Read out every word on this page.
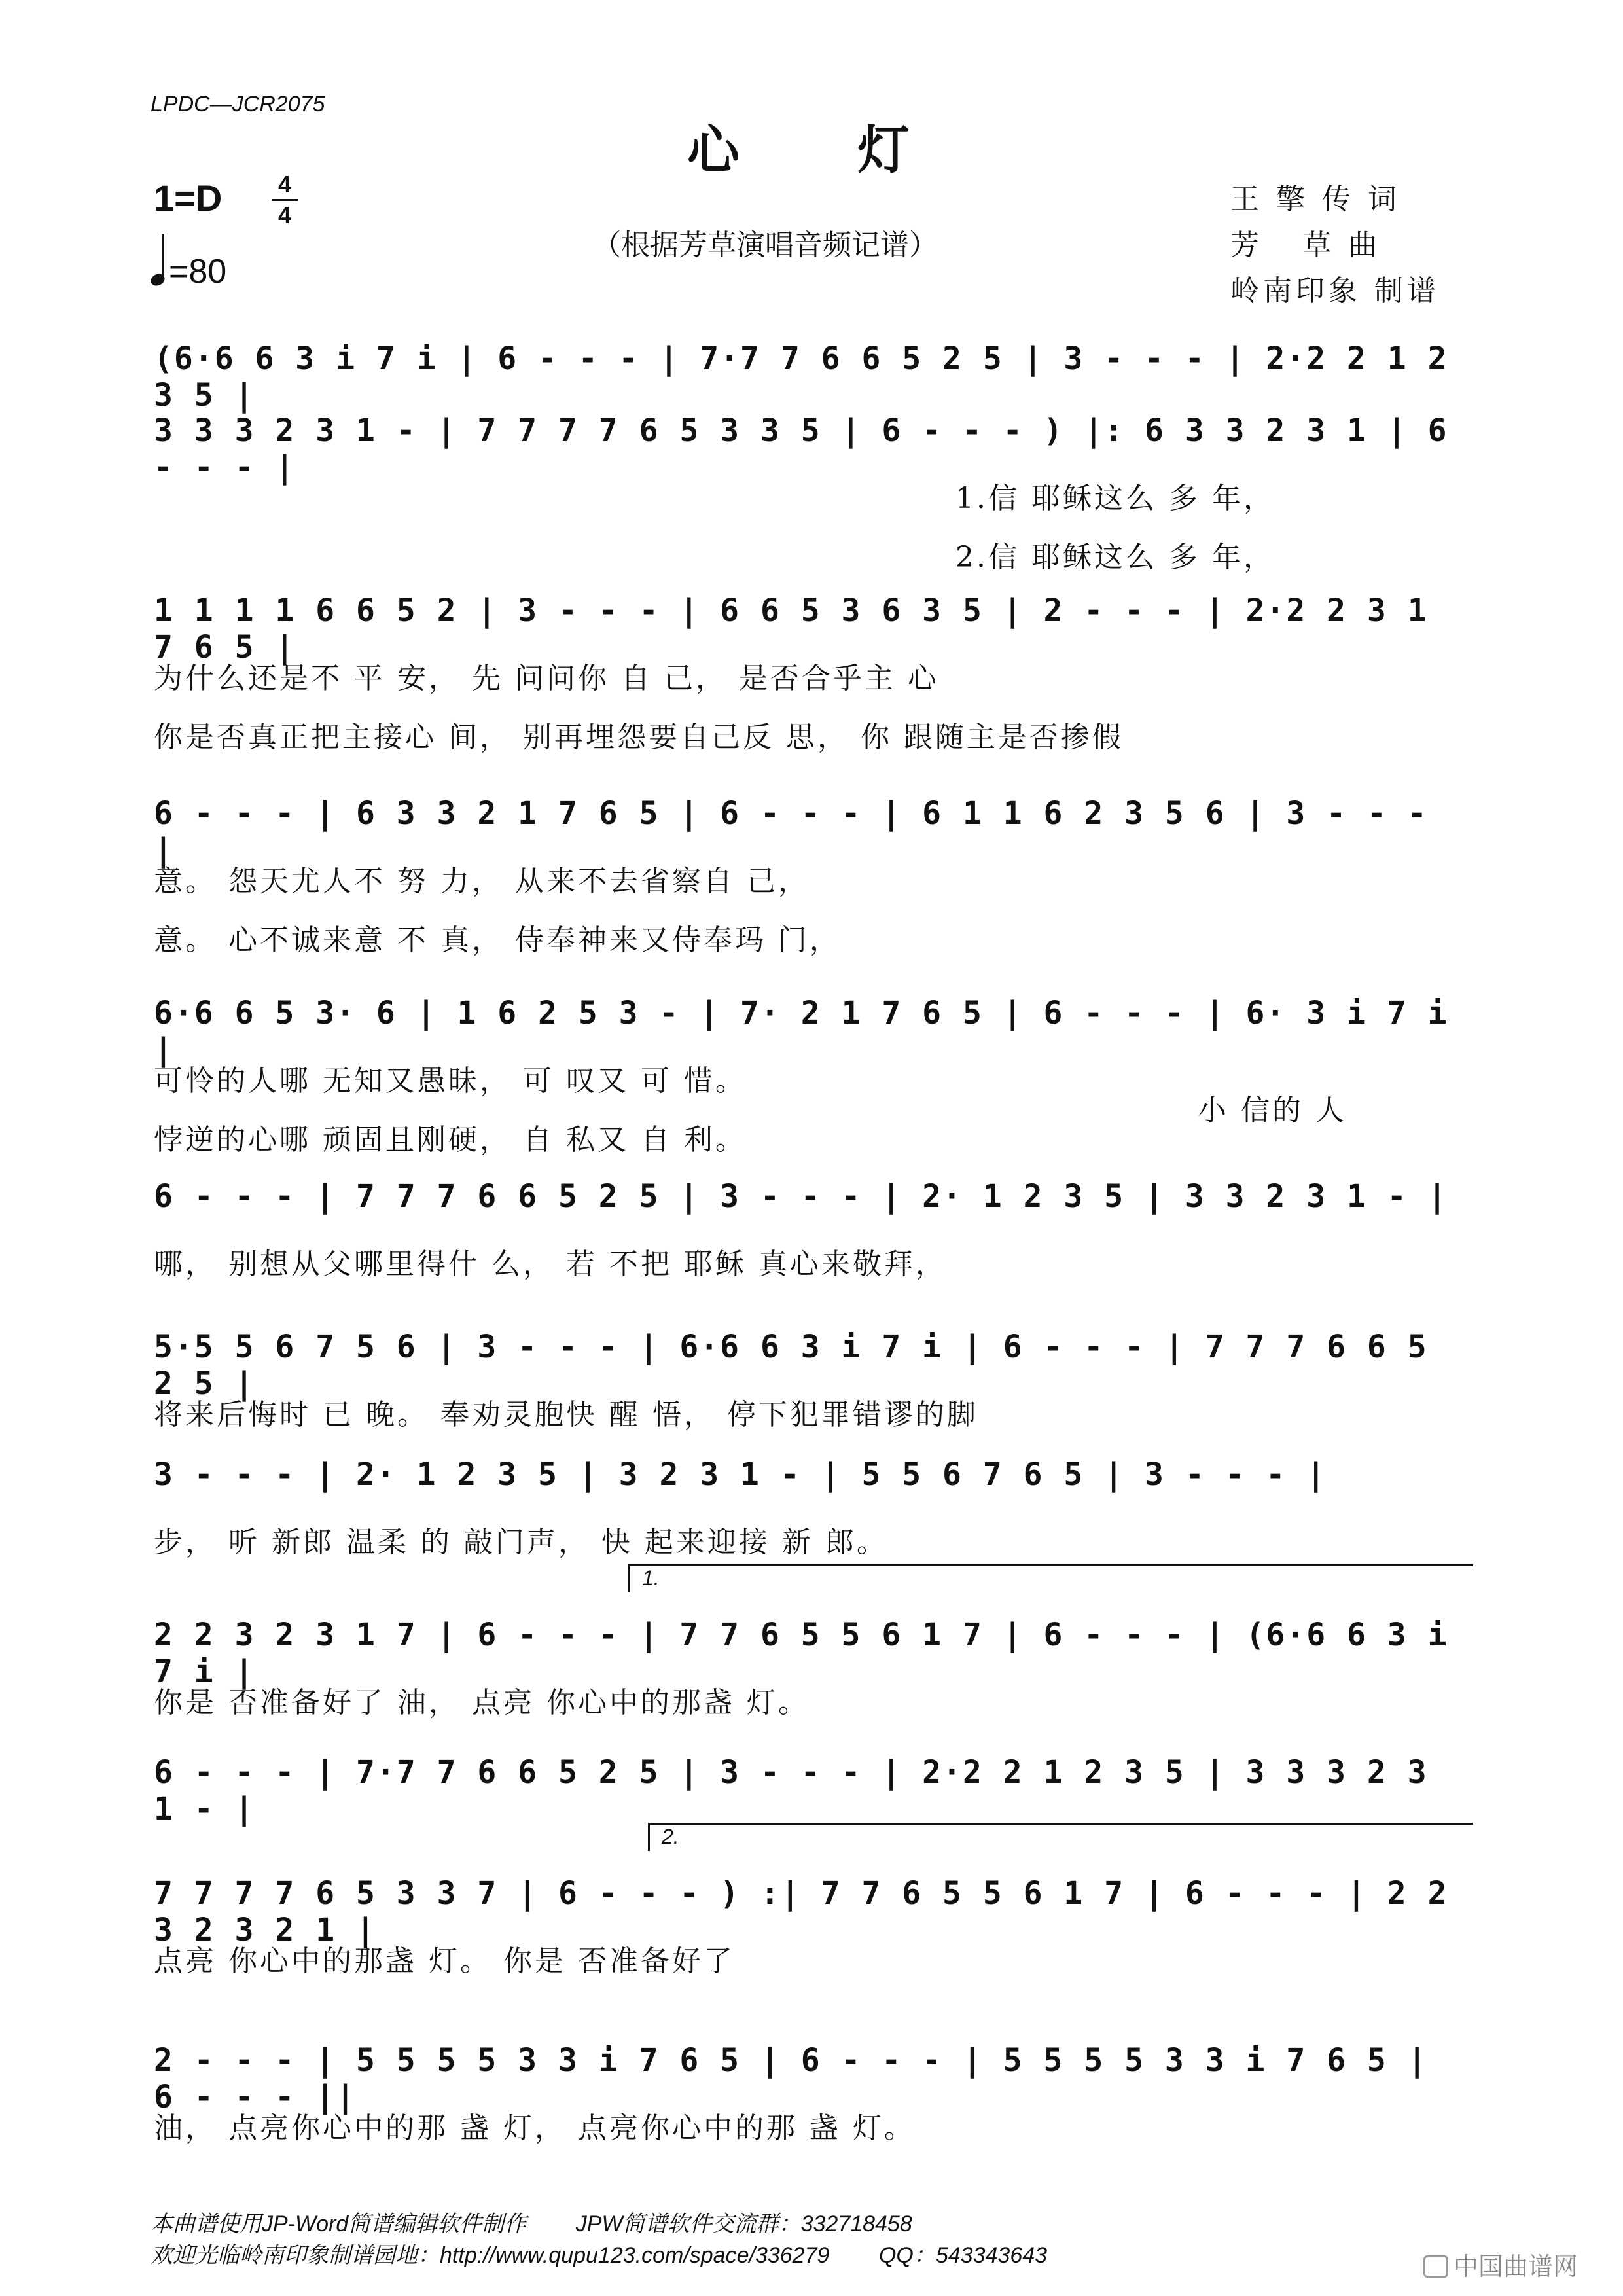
LPDC—JCR2075
心灯
1=D 4
4
=80
（根据芳草演唱音频记谱）
王 擎 传 词
芳   草 曲
岭南印象 制谱
(6·6 6 3 i 7 i | 6 - - - | 7·7 7 6 6 5 2 5 | 3 - - - | 2·2 2 1 2 3 5 |
3 3 3 2 3 1 - | 7 7 7 7 6 5 3 3 5 | 6 - - - ) |: 6 3 3 2 3 1 | 6 - - - |
1.信 耶稣这么 多 年，
2.信 耶稣这么 多 年，
1 1 1 1 6 6 5 2 | 3 - - - | 6 6 5 3 6 3 5 | 2 - - - | 2·2 2 3 1 7 6 5 |
为什么还是不 平 安， 先 问问你 自 己， 是否合乎主 心
你是否真正把主接心 间， 别再埋怨要自己反 思， 你 跟随主是否掺假
6 - - - | 6 3 3 2 1 7 6 5 | 6 - - - | 6 1 1 6 2 3 5 6 | 3 - - - |
意。 怨天尤人不 努 力， 从来不去省察自 己，
意。 心不诚来意 不 真， 侍奉神来又侍奉玛 门，
6·6 6 5 3· 6 | 1 6 2 5 3 - | 7· 2 1 7 6 5 | 6 - - - | 6· 3 i 7 i |
可怜的人哪 无知又愚昧， 可 叹又 可 惜。
悖逆的心哪 顽固且刚硬， 自 私又 自 利。
小 信的 人
6 - - - | 7 7 7 6 6 5 2 5 | 3 - - - | 2· 1 2 3 5 | 3 3 2 3 1 - |
哪， 别想从父哪里得什 么， 若 不把 耶稣 真心来敬拜，
5·5 5 6 7 5 6 | 3 - - - | 6·6 6 3 i 7 i | 6 - - - | 7 7 7 6 6 5 2 5 |
将来后悔时 已 晚。 奉劝灵胞快 醒 悟， 停下犯罪错谬的脚
3 - - - | 2· 1 2 3 5 | 3 2 3 1 - | 5 5 6 7 6 5 | 3 - - - |
步， 听 新郎 温柔 的 敲门声， 快 起来迎接 新 郎。
1.
2 2 3 2 3 1 7 | 6 - - - | 7 7 6 5 5 6 1 7 | 6 - - - | (6·6 6 3 i 7 i |
你是 否准备好了 油， 点亮 你心中的那盏 灯。
6 - - - | 7·7 7 6 6 5 2 5 | 3 - - - | 2·2 2 1 2 3 5 | 3 3 3 2 3 1 - |
2.
7 7 7 7 6 5 3 3 7 | 6 - - - ) :| 7 7 6 5 5 6 1 7 | 6 - - - | 2 2 3 2 3 2 1 |
点亮 你心中的那盏 灯。 你是 否准备好了
2 - - - | 5 5 5 5 3 3 i 7 6 5 | 6 - - - | 5 5 5 5 3 3 i 7 6 5 | 6 - - - ||
油， 点亮你心中的那 盏 灯， 点亮你心中的那 盏 灯。
本曲谱使用JP-Word简谱编辑软件制作        JPW简谱软件交流群：332718458
欢迎光临岭南印象制谱园地：http://www.qupu123.com/space/336279        QQ：543343643	中国曲谱网
